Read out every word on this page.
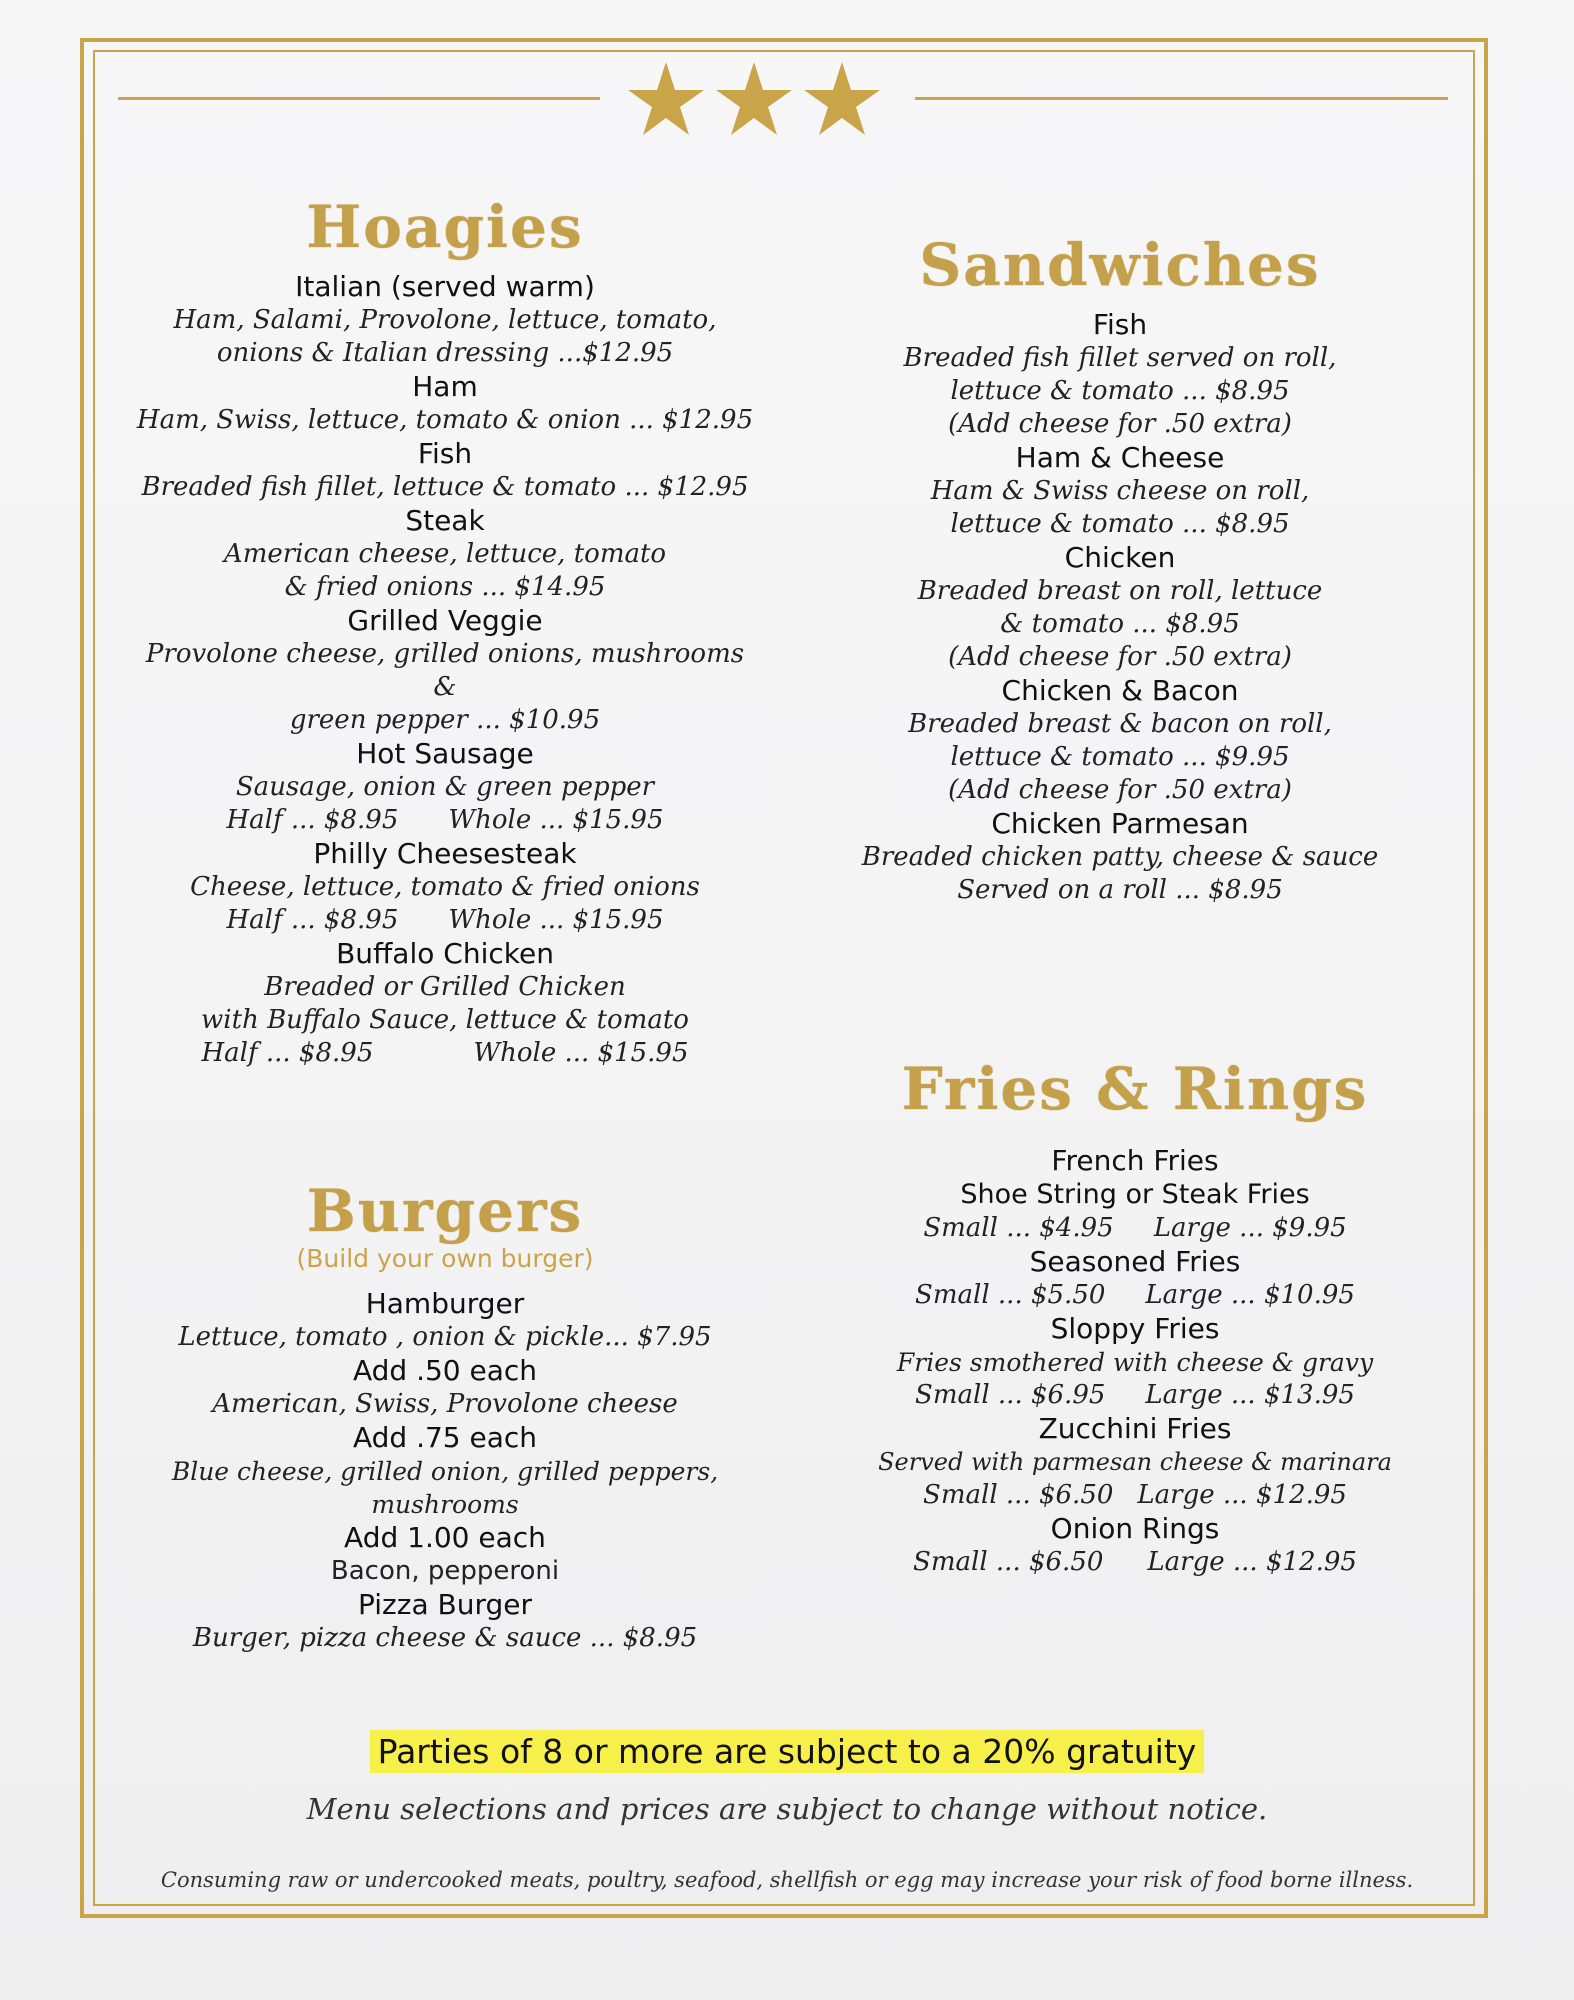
Hoagies
Italian (served warm)
Ham, Salami, Provolone, lettuce, tomato,
onions & Italian dressing ...$12.95
Ham
Ham, Swiss, lettuce, tomato & onion ... $12.95
Fish
Breaded fish fillet, lettuce & tomato ... $12.95
Steak
American cheese, lettuce, tomato
& fried onions ... $14.95
Grilled Veggie
Provolone cheese, grilled onions, mushrooms &
green pepper ... $10.95
Hot Sausage
Sausage, onion & green pepper
Half ... $8.95 Whole ... $15.95
Philly Cheesesteak
Cheese, lettuce, tomato & fried onions
Half ... $8.95 Whole ... $15.95
Buffalo Chicken
Breaded or Grilled Chicken
with Buffalo Sauce, lettuce & tomato
Half ... $8.95	Whole ... $15.95
Burgers
(Build your own burger)
Hamburger
Lettuce, tomato , onion & pickle... $7.95
Add .50 each
American, Swiss, Provolone cheese
Add .75 each
Blue cheese, grilled onion, grilled peppers, mushrooms
Add 1.00 each
Bacon, pepperoni
Pizza Burger
Burger, pizza cheese & sauce ... $8.95
Sandwiches
Fish
Breaded fish fillet served on roll,
lettuce & tomato ... $8.95
(Add cheese for .50 extra)
Ham & Cheese
Ham & Swiss cheese on roll,
lettuce & tomato ... $8.95
Chicken
Breaded breast on roll, lettuce
& tomato ... $8.95
(Add cheese for .50 extra)
Chicken & Bacon
Breaded breast & bacon on roll,
lettuce & tomato ... $9.95
(Add cheese for .50 extra)
Chicken Parmesan
Breaded chicken patty, cheese & sauce
Served on a roll ... $8.95
Fries & Rings
French Fries
Shoe String or Steak Fries
Small ... $4.95 Large ... $9.95
Seasoned Fries
Small ... $5.50 Large ... $10.95
Sloppy Fries
Fries smothered with cheese & gravy
Small ... $6.95 Large ... $13.95
Zucchini Fries
Served with parmesan cheese & marinara
Small ... $6.50 Large ... $12.95
Onion Rings
Small ... $6.50 Large ... $12.95
Parties of 8 or more are subject to a 20% gratuity
Menu selections and prices are subject to change without notice.
Consuming raw or undercooked meats, poultry, seafood, shellfish or egg may increase your risk of food borne illness.
